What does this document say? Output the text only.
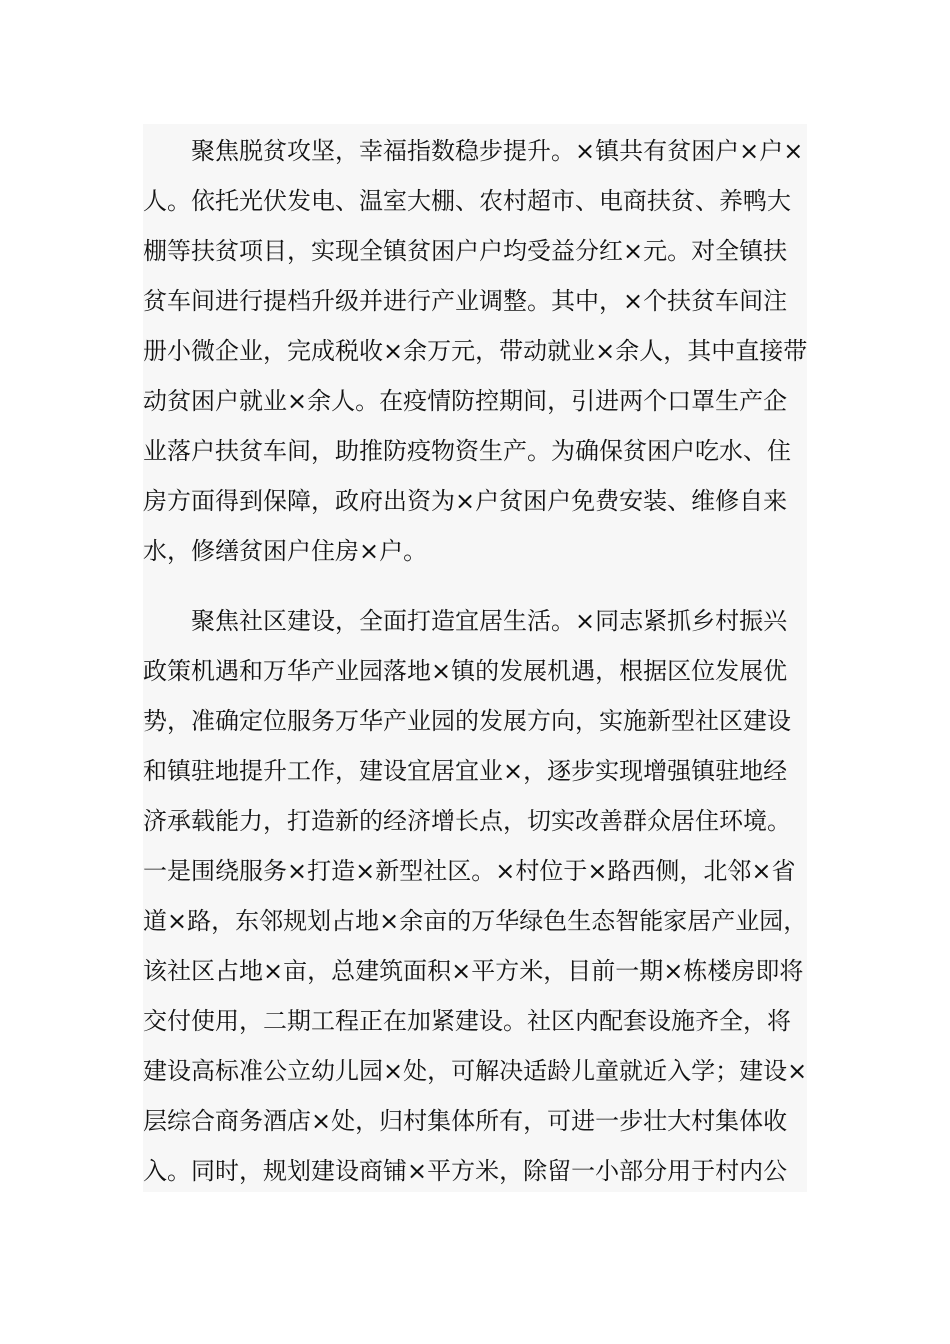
聚焦脱贫攻坚，幸福指数稳步提升。×镇共有贫困户×户×
人。依托光伏发电、温室大棚、农村超市、电商扶贫、养鸭大
棚等扶贫项目，实现全镇贫困户户均受益分红×元。对全镇扶
贫车间进行提档升级并进行产业调整。其中，×个扶贫车间注
册小微企业，完成税收×余万元，带动就业×余人，其中直接带
动贫困户就业×余人。在疫情防控期间，引进两个口罩生产企
业落户扶贫车间，助推防疫物资生产。为确保贫困户吃水、住
房方面得到保障，政府出资为×户贫困户免费安装、维修自来
水，修缮贫困户住房×户。
聚焦社区建设，全面打造宜居生活。×同志紧抓乡村振兴
政策机遇和万华产业园落地×镇的发展机遇，根据区位发展优
势，准确定位服务万华产业园的发展方向，实施新型社区建设
和镇驻地提升工作，建设宜居宜业×，逐步实现增强镇驻地经
济承载能力，打造新的经济增长点，切实改善群众居住环境。
一是围绕服务×打造×新型社区。×村位于×路西侧，北邻×省
道×路，东邻规划占地×余亩的万华绿色生态智能家居产业园，
该社区占地×亩，总建筑面积×平方米，目前一期×栋楼房即将
交付使用，二期工程正在加紧建设。社区内配套设施齐全，将
建设高标准公立幼儿园×处，可解决适龄儿童就近入学；建设×
层综合商务酒店×处，归村集体所有，可进一步壮大村集体收
入。同时，规划建设商铺×平方米，除留一小部分用于村内公
